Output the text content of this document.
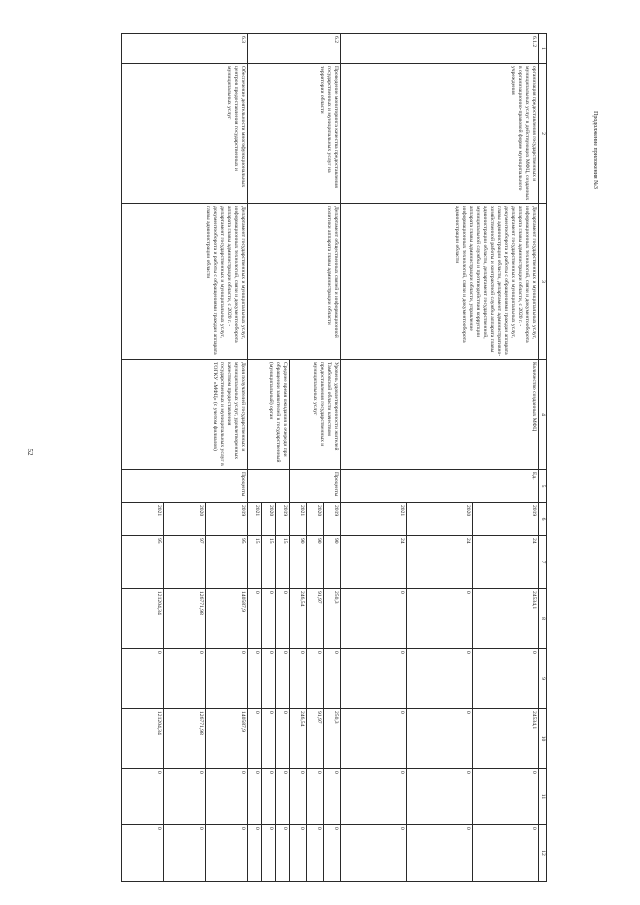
52
Продолжение приложения №3
1	2	3	4	5	6	7	8	9	10	11	12
6.1.2	организация предоставления государственных и муниципальных услуг в действующих МФЦ, созданных в организационно-правовой форме муниципального учреждения	Департамент государственных и муниципальных услуг, информационных технологий, связи и документооборота аппарата главы администрации области, с 2020 г. - департамент государственных и муниципальных услуг, документооборота и работы с обращениями граждан аппарата главы администрации области, департамент административно-хозяйственной работы и контрактной службы аппарата главы администрации области, департамент государственной, муниципальной службы и противодействия коррупции аппарата главы администрации области, управление информационных технологий, связи и документооборота администрации области	Количество созданных МФЦ	Ед.	2019	24	24534,1	0	24534,1	0	0
					2020	24	0	0	0	0	0
					2021	24	0	0	0	0	0
6.2	Проведение мониторинга качества предоставления государственных и муниципальных услуг на территории области	Департамент общественных связей и информационной политики аппарата главы администрации области	Уровень удовлетворенности жителей Тамбовской области качеством предоставления государственных и муниципальных услуг	Проценты	2019	90	250,3	0	250,3	0	0
					2020	90	91,97	0	91,97	0	0
					2021	90	246,54	0	246,54	0	0
			Среднее время ожидания в очереди при обращении заявителей в государственный (муниципальный) орган		2019	15	0	0	0	0	0
					2020	15	0	0	0	0	0
					2021	15	0	0	0	0	0
6.3	Обеспечение деятельности многофункциональных центров предоставления государственных и муниципальных услуг	Департамент государственных и муниципальных услуг, информационных технологий, связи и документооборота аппарата главы администрации области, с 2020 г. - департамент государственных и муниципальных услуг, документооборота и работы с обращениями граждан аппарата главы администрации области	Доля получателей государственных и муниципальных услуг, удовлетворенных качеством предоставления государственных и муниципальных услуг в ТОГКУ «МФЦ» (с учетом филиалов)	Проценты	2019	95	140587,9	0	140587,9	0	0
					2020	97	126771,98	0	126771,98	0	0
					2021	95	121204,34	0	121204,34	0	0
